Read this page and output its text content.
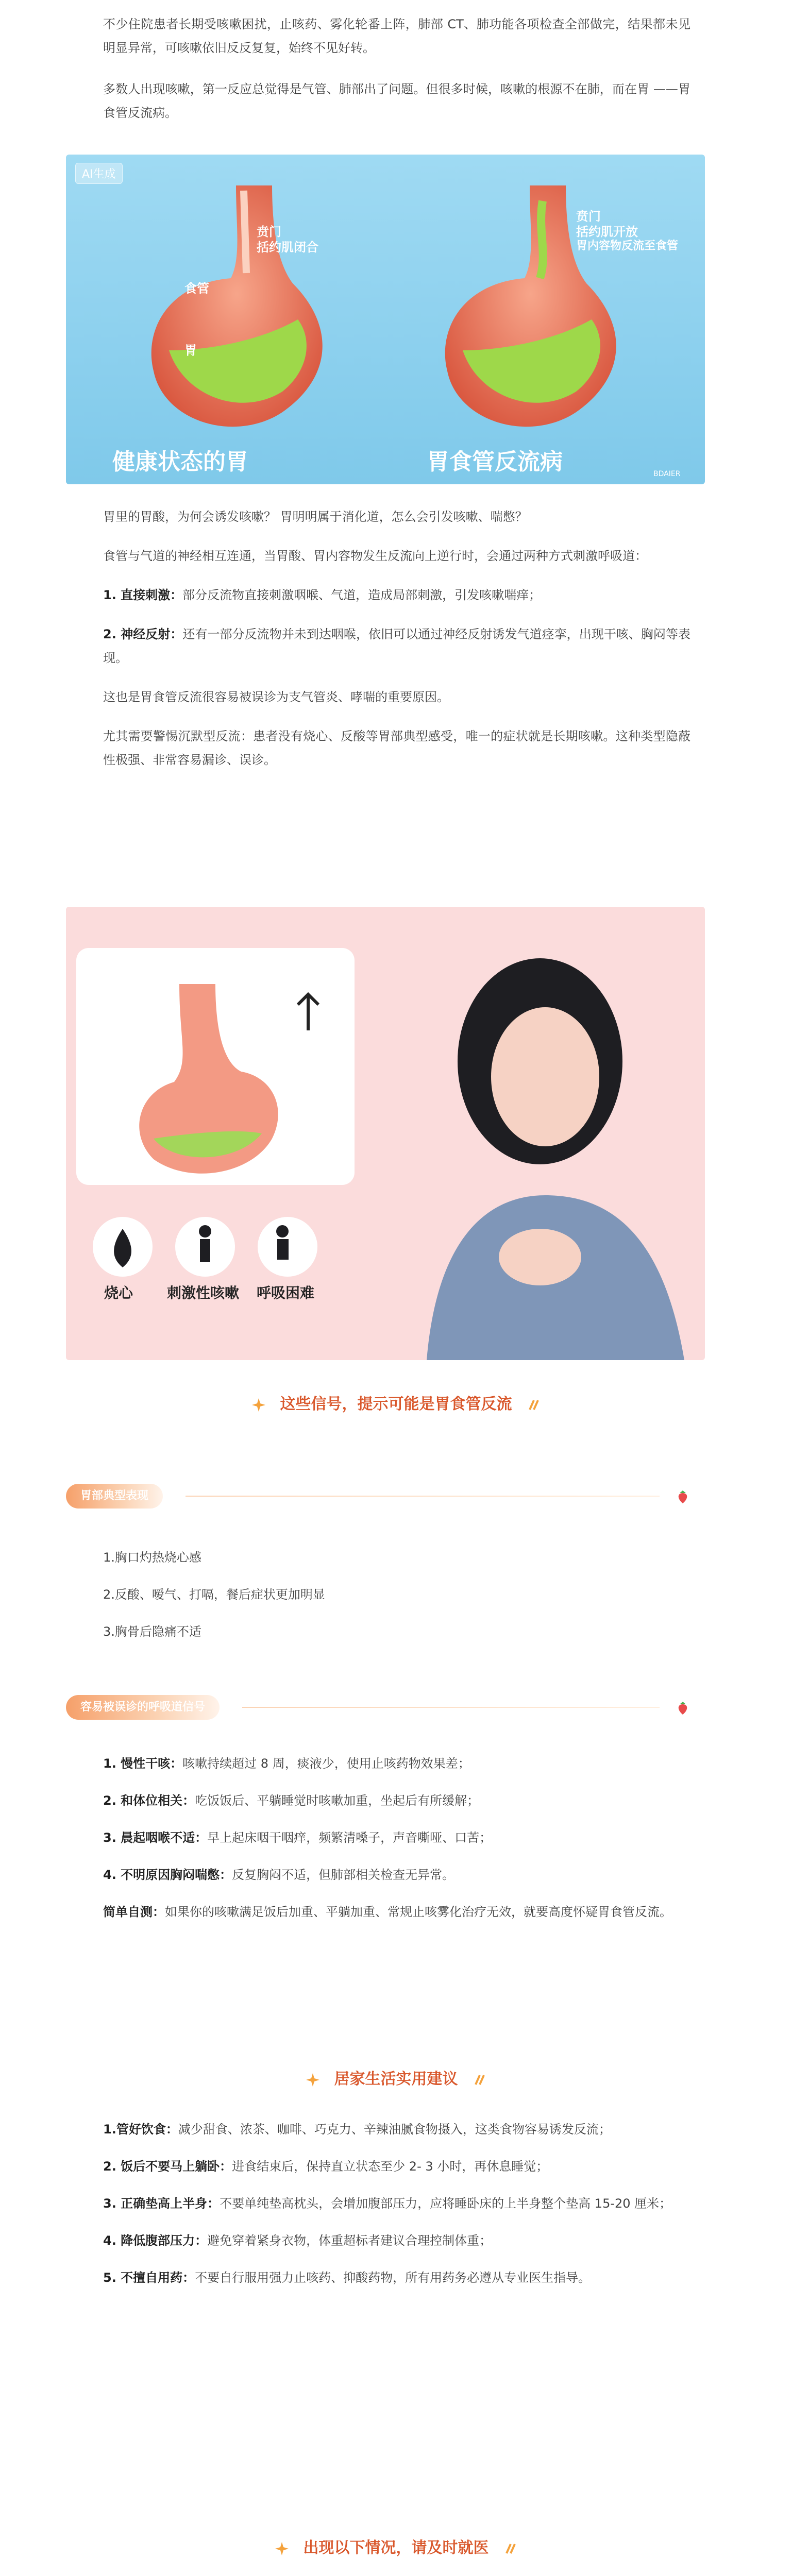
不少住院患者长期受咳嗽困扰，止咳药、雾化轮番上阵，肺部 CT、肺功能各项检查全部做完，结果都未见明显异常，可咳嗽依旧反反复复，始终不见好转。

多数人出现咳嗽，第一反应总觉得是气管、肺部出了问题。但很多时候，咳嗽的根源不在肺，而在胃 ——胃食管反流病。

AI生成
贲门
括约肌闭合
食管
胃
贲门
括约肌开放
胃内容物反流至食管
健康状态的胃	胃食管反流病	BDAIER

胃里的胃酸，为何会诱发咳嗽？ 胃明明属于消化道，怎么会引发咳嗽、喘憋？

食管与气道的神经相互连通，当胃酸、胃内容物发生反流向上逆行时，会通过两种方式刺激呼吸道：

1. 直接刺激：部分反流物直接刺激咽喉、气道，造成局部刺激，引发咳嗽喘痒；

2. 神经反射：还有一部分反流物并未到达咽喉，依旧可以通过神经反射诱发气道痉挛，出现干咳、胸闷等表现。

这也是胃食管反流很容易被误诊为支气管炎、哮喘的重要原因。

尤其需要警惕沉默型反流：患者没有烧心、反酸等胃部典型感受，唯一的症状就是长期咳嗽。这种类型隐蔽性极强、非常容易漏诊、误诊。

烧心 刺激性咳嗽 呼吸困难
这些信号，提示可能是胃食管反流
胃部典型表现

1.胸口灼热烧心感

2.反酸、嗳气、打嗝，餐后症状更加明显

3.胸骨后隐痛不适

容易被误诊的呼吸道信号

1. 慢性干咳：咳嗽持续超过 8 周，痰液少，使用止咳药物效果差；

2. 和体位相关：吃饭饭后、平躺睡觉时咳嗽加重，坐起后有所缓解；

3. 晨起咽喉不适：早上起床咽干咽痒，频繁清嗓子，声音嘶哑、口苦；

4. 不明原因胸闷喘憋：反复胸闷不适，但肺部相关检查无异常。

简单自测：如果你的咳嗽满足饭后加重、平躺加重、常规止咳雾化治疗无效，就要高度怀疑胃食管反流。

居家生活实用建议

1.管好饮食：减少甜食、浓茶、咖啡、巧克力、辛辣油腻食物摄入，这类食物容易诱发反流；

2. 饭后不要马上躺卧：进食结束后，保持直立状态至少 2- 3 小时，再休息睡觉；

3. 正确垫高上半身：不要单纯垫高枕头，会增加腹部压力，应将睡卧床的上半身整个垫高 15-20 厘米；

4. 降低腹部压力：避免穿着紧身衣物，体重超标者建议合理控制体重；

5. 不擅自用药：不要自行服用强力止咳药、抑酸药物，所有用药务必遵从专业医生指导。

出现以下情况，请及时就医
